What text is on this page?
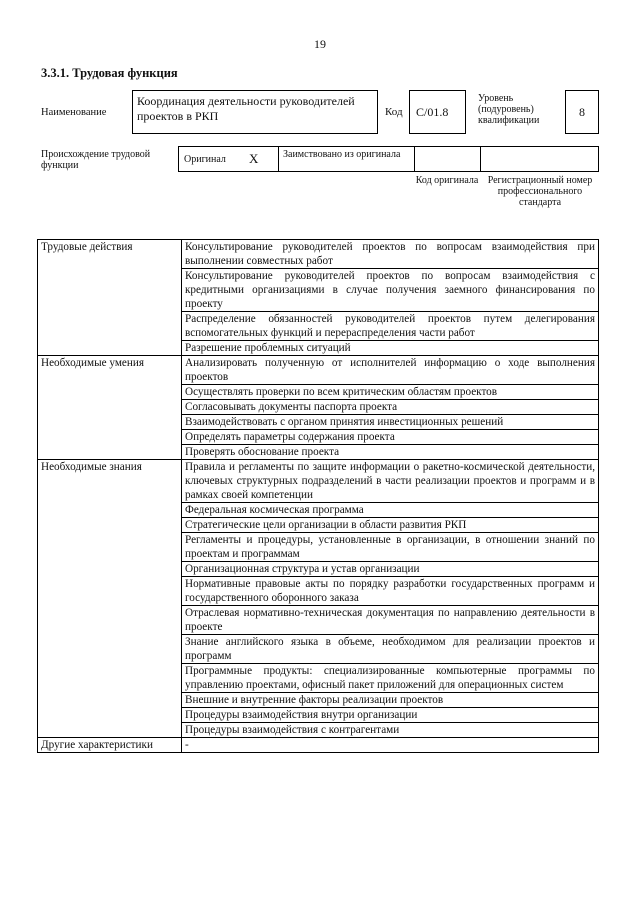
19
3.3.1. Трудовая функция
Наименование
Координация деятельности руководителей проектов в РКП	Код	С/01.8
Уровень (подуровень) квалификации
8
Происхождение трудовой функции
Оригинал Х Заимствовано из оригинала
Код оригинала Регистрационный номер профессионального стандарта
Трудовые действия	Консультирование руководителей проектов по вопросам взаимодействия при выполнении совместных работ
	Консультирование руководителей проектов по вопросам взаимодействия с кредитными организациями в случае получения заемного финансирования по проекту
	Распределение обязанностей руководителей проектов путем делегирования вспомогательных функций и перераспределения части работ
	Разрешение проблемных ситуаций
Необходимые умения	Анализировать полученную от исполнителей информацию о ходе выполнения проектов
	Осуществлять проверки по всем критическим областям проектов
	Согласовывать документы паспорта проекта
	Взаимодействовать с органом принятия инвестиционных решений
	Определять параметры содержания проекта
	Проверять обоснование проекта
Необходимые знания	Правила и регламенты по защите информации о ракетно-космической деятельности, ключевых структурных подразделений в части реализации проектов и программ и в рамках своей компетенции
	Федеральная космическая программа
	Стратегические цели организации в области развития РКП
	Регламенты и процедуры, установленные в организации, в отношении знаний по проектам и программам
	Организационная структура и устав организации
	Нормативные правовые акты по порядку разработки государственных программ и государственного оборонного заказа
	Отраслевая нормативно-техническая документация по направлению деятельности в проекте
	Знание английского языка в объеме, необходимом для реализации проектов и программ
	Программные продукты: специализированные компьютерные программы по управлению проектами, офисный пакет приложений для операционных систем
	Внешние и внутренние факторы реализации проектов
	Процедуры взаимодействия внутри организации
	Процедуры взаимодействия с контрагентами
Другие характеристики	-
